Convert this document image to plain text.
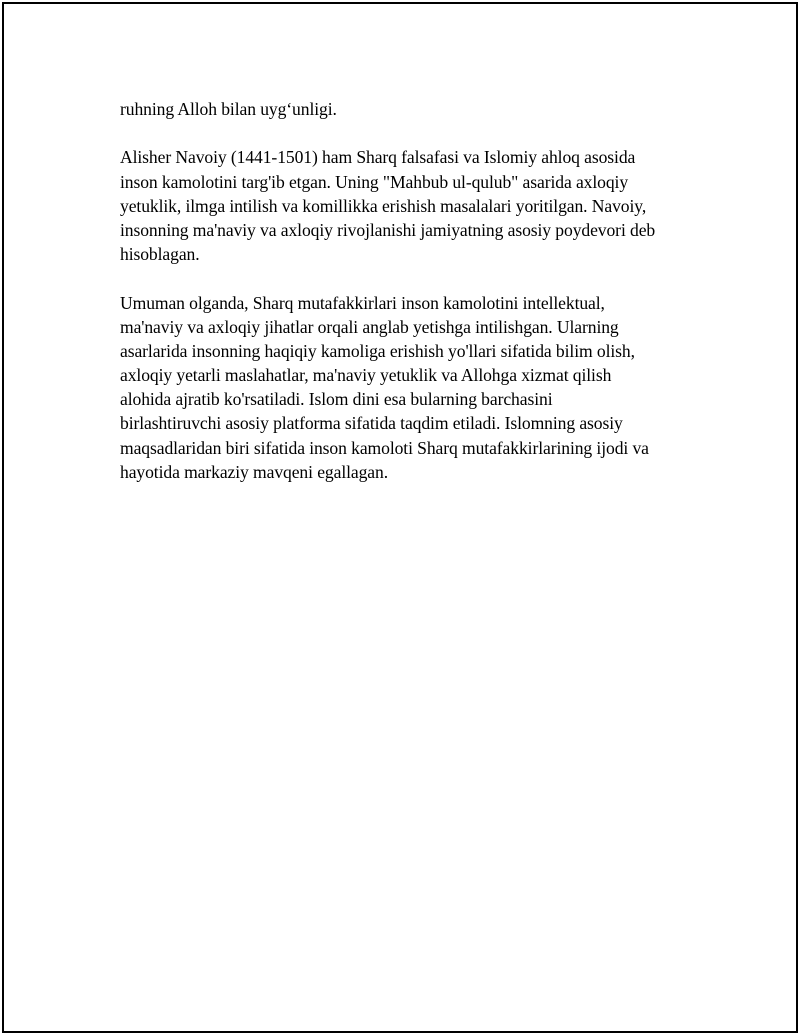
ruhning Alloh bilan uyg‘unligi.
Alisher Navoiy (1441-1501) ham Sharq falsafasi va Islomiy ahloq asosida
inson kamolotini targ'ib etgan. Uning "Mahbub ul-qulub" asarida axloqiy
yetuklik, ilmga intilish va komillikka erishish masalalari yoritilgan. Navoiy,
insonning ma'naviy va axloqiy rivojlanishi jamiyatning asosiy poydevori deb
hisoblagan.
Umuman olganda, Sharq mutafakkirlari inson kamolotini intellektual,
ma'naviy va axloqiy jihatlar orqali anglab yetishga intilishgan. Ularning
asarlarida insonning haqiqiy kamoliga erishish yo'llari sifatida bilim olish,
axloqiy yetarli maslahatlar, ma'naviy yetuklik va Allohga xizmat qilish
alohida ajratib ko'rsatiladi. Islom dini esa bularning barchasini
birlashtiruvchi asosiy platforma sifatida taqdim etiladi. Islomning asosiy
maqsadlaridan biri sifatida inson kamoloti Sharq mutafakkirlarining ijodi va
hayotida markaziy mavqeni egallagan.
